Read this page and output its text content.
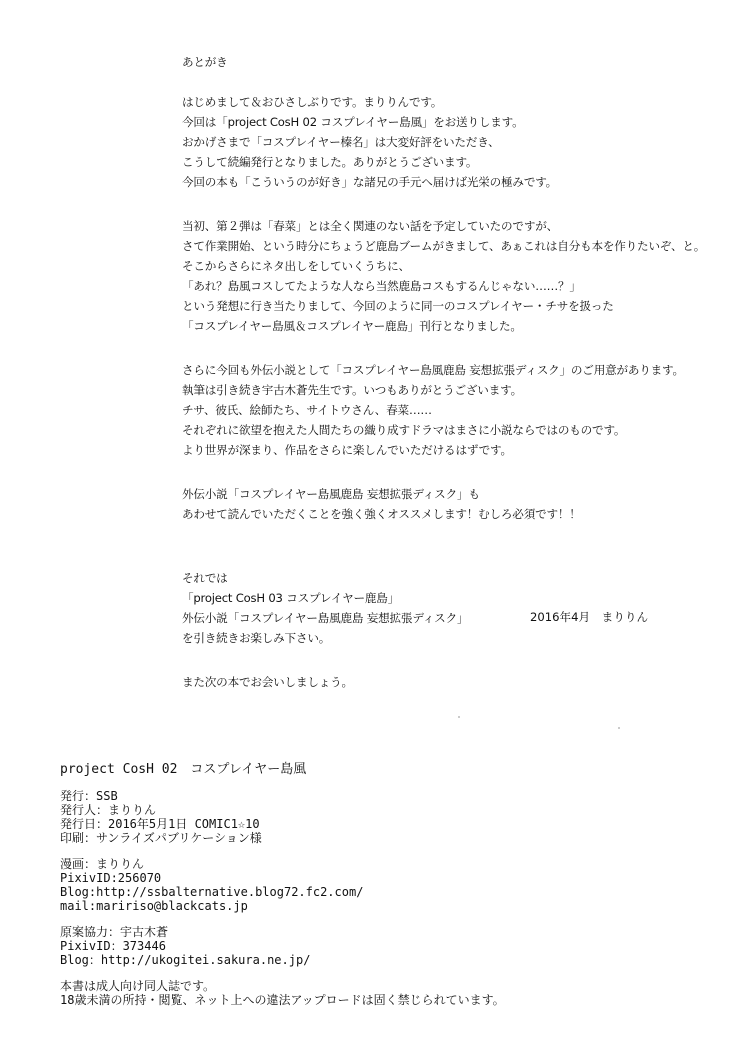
あとがき

はじめまして＆おひさしぶりです。まりりんです。

今回は「project CosH 02 コスプレイヤー島風」をお送りします。

おかげさまで「コスプレイヤー榛名」は大変好評をいただき、

こうして続編発行となりました。ありがとうございます。

今回の本も「こういうのが好き」な諸兄の手元へ届けば光栄の極みです。

当初、第２弾は「春菜」とは全く関連のない話を予定していたのですが、

さて作業開始、という時分にちょうど鹿島ブームがきまして、あぁこれは自分も本を作りたいぞ、と。

そこからさらにネタ出しをしていくうちに、

「あれ？島風コスしてたような人なら当然鹿島コスもするんじゃない……？」

という発想に行き当たりまして、今回のように同一のコスプレイヤー・チサを扱った

「コスプレイヤー島風＆コスプレイヤー鹿島」刊行となりました。

さらに今回も外伝小説として「コスプレイヤー島風鹿島 妄想拡張ディスク」のご用意があります。

執筆は引き続き宇古木蒼先生です。いつもありがとうございます。

チサ、彼氏、絵師たち、サイトウさん、春菜……

それぞれに欲望を抱えた人間たちの織り成すドラマはまさに小説ならではのものです。

より世界が深まり、作品をさらに楽しんでいただけるはずです。

外伝小説「コスプレイヤー島風鹿島 妄想拡張ディスク」も

あわせて読んでいただくことを強く強くオススメします！むしろ必須です！！

それでは

「project CosH 03 コスプレイヤー鹿島」

外伝小説「コスプレイヤー島風鹿島 妄想拡張ディスク」

を引き続きお楽しみ下さい。

また次の本でお会いしましょう。

2016年4月　まりりん

project CosH 02　コスプレイヤー島風

発行：SSB

発行人：まりりん

発行日：2016年5月1日 COMIC1☆10

印刷：サンライズパブリケーション様

漫画：まりりん

PixivID:256070

Blog:http://ssbalternative.blog72.fc2.com/

mail:maririso@blackcats.jp

原案協力：宇古木蒼

PixivID：373446

Blog：http://ukogitei.sakura.ne.jp/

本書は成人向け同人誌です。

18歳未満の所持・閲覧、ネット上への違法アップロードは固く禁じられています。
